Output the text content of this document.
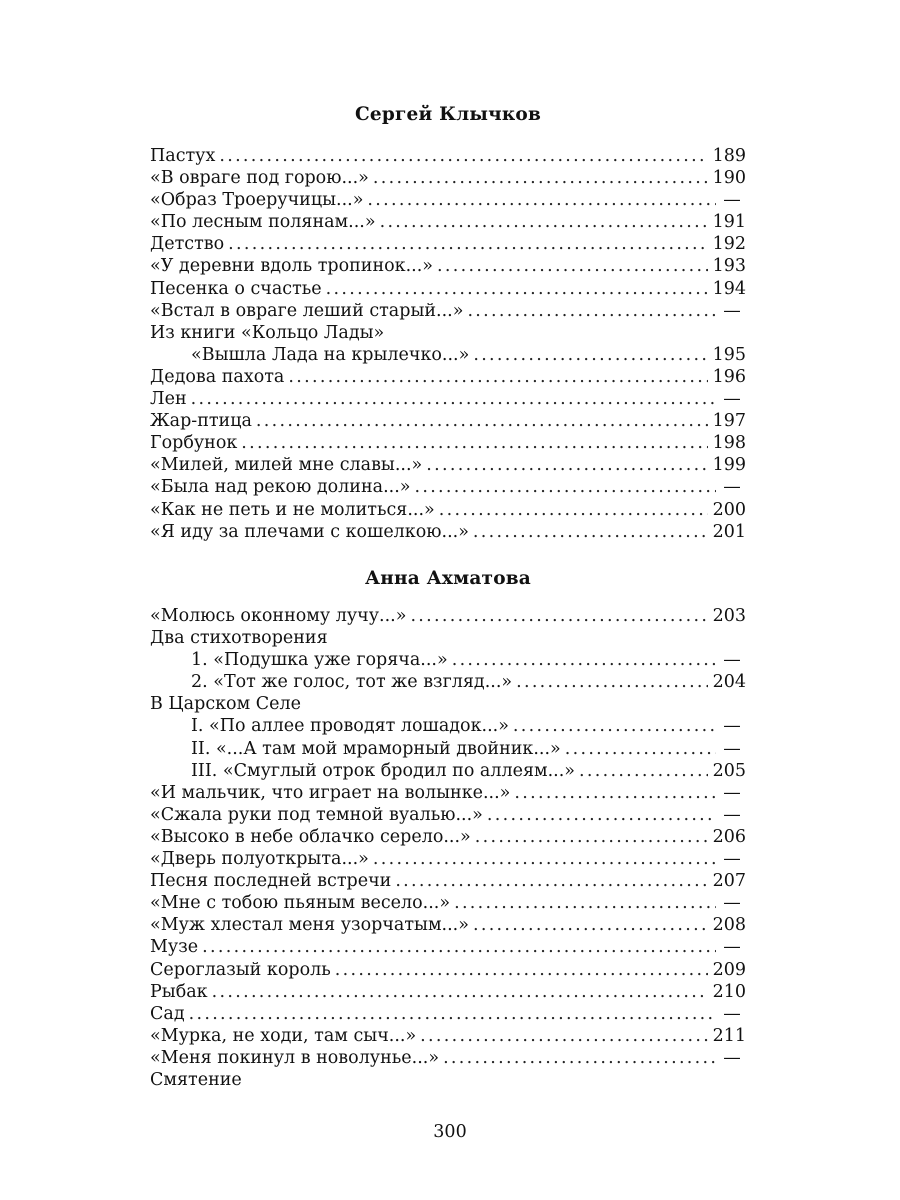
Сергей Клычков
Пастух .....	189
«В овраге под горою...» .....	190
«Образ Троеручицы...» .....	—
«По лесным полянам...» .....	191
Детство .....	192
«У деревни вдоль тропинок...» .....	193
Песенка о счастье .....	194
«Встал в овраге леший старый...» .....	—
Из книги «Кольцо Лады»
«Вышла Лада на крылечко...» .....	195
Дедова пахота .....	196
Лен .....	—
Жар-птица .....	197
Горбунок .....	198
«Милей, милей мне славы...» .....	199
«Была над рекою долина...» .....	—
«Как не петь и не молиться...» .....	200
«Я иду за плечами с кошелкою...» .....	201
Анна Ахматова
«Молюсь оконному лучу...» .....	203
Два стихотворения
1. «Подушка уже горяча...» .....	—
2. «Тот же голос, тот же взгляд...» .....	204
В Царском Селе
I. «По аллее проводят лошадок...» .....	—
II. «...А там мой мраморный двойник...» .....	—
III. «Смуглый отрок бродил по аллеям...» .....	205
«И мальчик, что играет на волынке...» .....	—
«Сжала руки под темной вуалью...» .....	—
«Высоко в небе облачко серело...» .....	206
«Дверь полуоткрыта...» .....	—
Песня последней встречи .....	207
«Мне с тобою пьяным весело...» .....	—
«Муж хлестал меня узорчатым...» .....	208
Музе .....	—
Сероглазый король .....	209
Рыбак .....	210
Сад .....	—
«Мурка, не ходи, там сыч...» .....	211
«Меня покинул в новолунье...» .....	—
Смятение
300
